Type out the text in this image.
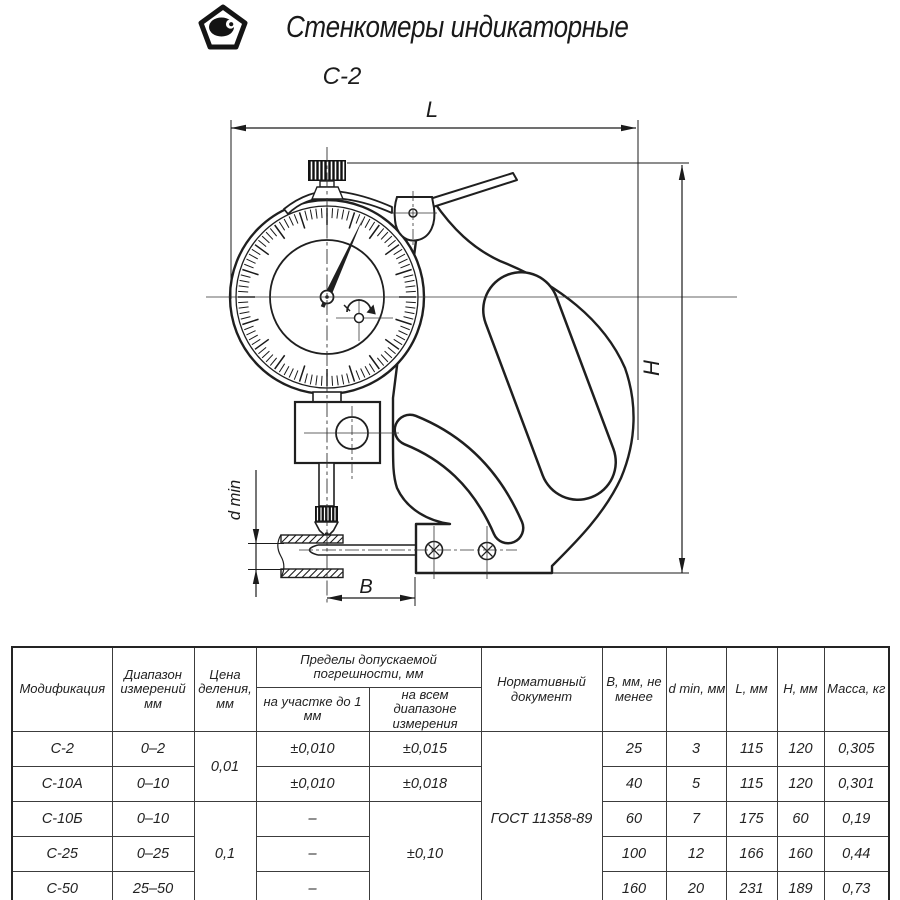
Стенкомеры индикаторные
С-2
L
H
В
d min
Модификация	Диапазон измерений мм	Цена деления, мм	Пределы допускаемой погрешности, мм		Нормативный документ	В, мм, не менее	d min, мм	L, мм	Н, мм	Масса, кг
			на участке до 1 мм	на всем диапазоне измерения						
С-2	0–2	0,01	±0,010	±0,015	ГОСТ 11358-89	25	3	115	120	0,305
С-10А	0–10		±0,010	±0,018		40	5	115	120	0,301
С-10Б	0–10	0,1	–	±0,10		60	7	175	60	0,19
С-25	0–25		–			100	12	166	160	0,44
С-50	25–50		–			160	20	231	189	0,73
